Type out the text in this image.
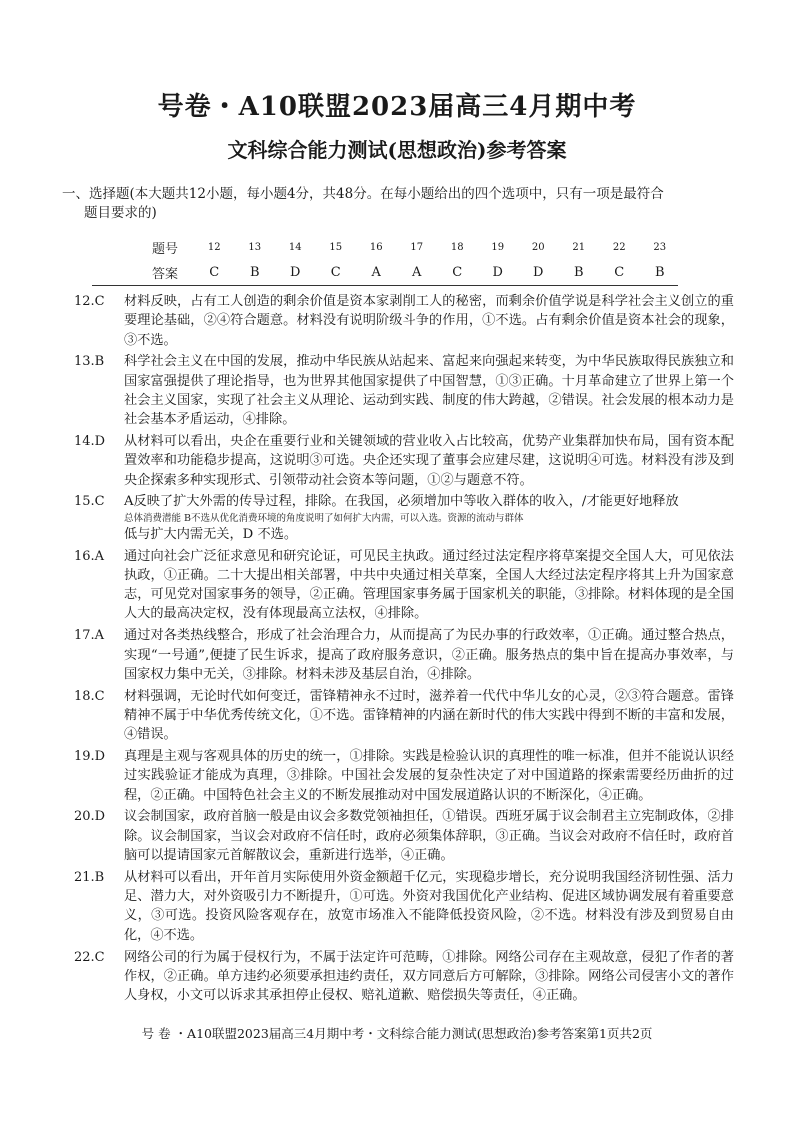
号卷・A10联盟2023届高三4月期中考
文科综合能力测试(思想政治)参考答案
一、选择题(本大题共12小题，每小题4分，共48分。在每小题给出的四个选项中，只有一项是最符合
题目要求的)
题号	12	13	14	15	16	17	18	19	20	21	22	23
答案	C	B	D	C	A	A	C	D	D	B	C	B
12.C	材料反映，占有工人创造的剩余价值是资本家剥削工人的秘密，而剩余价值学说是科学社会主义创立的重要理论基础，②④符合题意。材料没有说明阶级斗争的作用，①不选。占有剩余价值是资本社会的现象，③不选。
13.B	科学社会主义在中国的发展，推动中华民族从站起来、富起来向强起来转变，为中华民族取得民族独立和国家富强提供了理论指导，也为世界其他国家提供了中国智慧，①③正确。十月革命建立了世界上第一个社会主义国家，实现了社会主义从理论、运动到实践、制度的伟大跨越，②错误。社会发展的根本动力是社会基本矛盾运动，④排除。
14.D	从材料可以看出，央企在重要行业和关键领域的营业收入占比较高，优势产业集群加快布局，国有资本配置效率和功能稳步提高，这说明③可选。央企还实现了董事会应建尽建，这说明④可选。材料没有涉及到央企探索多种实现形式、引领带动社会资本等问题，①②与题意不符。
15.C	A反映了扩大外需的传导过程，排除。在我国，必须增加中等收入群体的收入，/才能更好地释放
总体消费潜能 B不选从优化消费环境的角度说明了如何扩大内需，可以入选。资源的流动与群体
低与扩大内需无关，D 不选。
16.A	通过向社会广泛征求意见和研究论证，可见民主执政。通过经过法定程序将草案提交全国人大，可见依法执政，①正确。二十大提出相关部署，中共中央通过相关草案，全国人大经过法定程序将其上升为国家意志，可见党对国家事务的领导，②正确。管理国家事务属于国家机关的职能，③排除。材料体现的是全国人大的最高决定权，没有体现最高立法权，④排除。
17.A	通过对各类热线整合，形成了社会治理合力，从而提高了为民办事的行政效率，①正确。通过整合热点，实现“一号通”,便捷了民生诉求，提高了政府服务意识，②正确。服务热点的集中旨在提高办事效率，与国家权力集中无关，③排除。材料未涉及基层自治，④排除。
18.C	材料强调，无论时代如何变迁，雷锋精神永不过时，滋养着一代代中华儿女的心灵，②③符合题意。雷锋精神不属于中华优秀传统文化，①不选。雷锋精神的内涵在新时代的伟大实践中得到不断的丰富和发展，④错误。
19.D	真理是主观与客观具体的历史的统一，①排除。实践是检验认识的真理性的唯一标准，但并不能说认识经过实践验证才能成为真理，③排除。中国社会发展的复杂性决定了对中国道路的探索需要经历曲折的过程，②正确。中国特色社会主义的不断发展推动对中国发展道路认识的不断深化，④正确。
20.D	议会制国家，政府首脑一般是由议会多数党领袖担任，①错误。西班牙属于议会制君主立宪制政体，②排除。议会制国家，当议会对政府不信任时，政府必须集体辞职，③正确。当议会对政府不信任时，政府首脑可以提请国家元首解散议会，重新进行选举，④正确。
21.B	从材料可以看出，开年首月实际使用外资金额超千亿元，实现稳步增长，充分说明我国经济韧性强、活力足、潜力大，对外资吸引力不断提升，①可选。外资对我国优化产业结构、促进区域协调发展有着重要意义，③可选。投资风险客观存在，放宽市场准入不能降低投资风险，②不选。材料没有涉及到贸易自由化，④不选。
22.C	网络公司的行为属于侵权行为，不属于法定许可范畴，①排除。网络公司存在主观故意，侵犯了作者的著作权，②正确。单方违约必须要承担违约责任，双方同意后方可解除，③排除。网络公司侵害小文的著作人身权，小文可以诉求其承担停止侵权、赔礼道歉、赔偿损失等责任，④正确。
号 卷 ・A10联盟2023届高三4月期中考・文科综合能力测试(思想政治)参考答案第1页共2页
